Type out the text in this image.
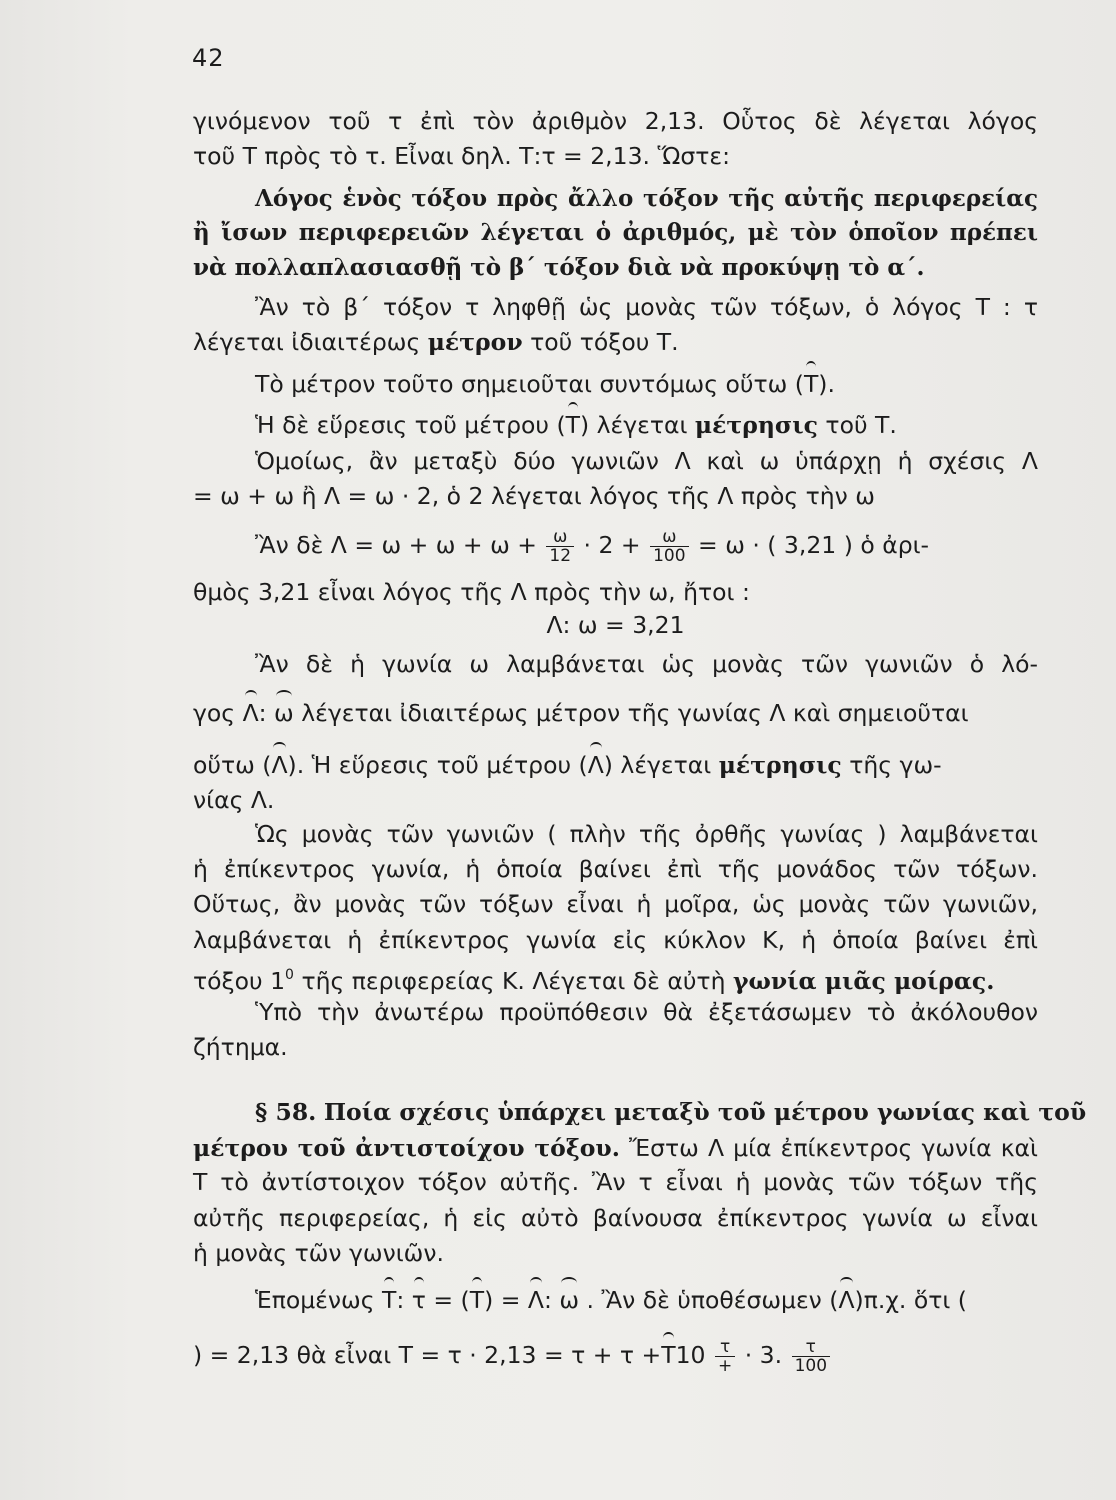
42
γινόμενον τοῦ τ ἐπὶ τὸν ἀριθμὸν 2,13. Οὗτος δὲ λέγεται λόγος
τοῦ Τ πρὸς τὸ τ. Εἶναι δηλ. Τ:τ = 2,13. Ὥστε:
Λόγος ἑνὸς τόξου πρὸς ἄλλο τόξον τῆς αὐτῆς περιφερείας
ἢ ἴσων περιφερειῶν λέγεται ὁ ἀριθμός, μὲ τὸν ὁποῖον πρέπει
νὰ πολλαπλασιασθῇ τὸ β΄ τόξον διὰ νὰ προκύψῃ τὸ α΄.
Ἂν τὸ β΄ τόξον τ ληφθῇ ὡς μονὰς τῶν τόξων, ὁ λόγος Τ : τ
λέγεται ἰδιαιτέρως μέτρον τοῦ τόξου Τ.
Τὸ μέτρον τοῦτο σημειοῦται συντόμως οὕτω (Τ).
Ἡ δὲ εὕρεσις τοῦ μέτρου (Τ) λέγεται μέτρησις τοῦ Τ.
Ὁμοίως, ἂν μεταξὺ δύο γωνιῶν Λ καὶ ω ὑπάρχῃ ἡ σχέσις Λ
= ω + ω ἢ Λ = ω · 2, ὁ 2 λέγεται λόγος τῆς Λ πρὸς τὴν ω
Ἂν δὲ $\Lambda = \omega + \omega + \omega + \frac{\omega}{12} \cdot 2 + \frac{\omega}{100} = \omega$ · ( 3,21 ) ὁ ἀρι-
θμὸς 3,21 εἶναι λόγος τῆς Λ πρὸς τὴν ω, ἤτοι :
Λ: ω = 3,21
Ἂν δὲ ἡ γωνία ω λαμβάνεται ὡς μονὰς τῶν γωνιῶν ὁ λό-
γος Λ: ω λέγεται ἰδιαιτέρως μέτρον τῆς γωνίας Λ καὶ σημειοῦται
οὕτω (Λ). Ἡ εὕρεσις τοῦ μέτρου (Λ) λέγεται μέτρησις τῆς γω-
νίας Λ.
Ὡς μονὰς τῶν γωνιῶν ( πλὴν τῆς ὀρθῆς γωνίας ) λαμβάνεται
ἡ ἐπίκεντρος γωνία, ἡ ὁποία βαίνει ἐπὶ τῆς μονάδος τῶν τόξων.
Οὕτως, ἂν μονὰς τῶν τόξων εἶναι ἡ μοῖρα, ὡς μονὰς τῶν γωνιῶν,
λαμβάνεται ἡ ἐπίκεντρος γωνία εἰς κύκλον Κ, ἡ ὁποία βαίνει ἐπὶ
τόξου $1^0$ τῆς περιφερείας Κ. Λέγεται δὲ αὐτὴ γωνία μιᾶς μοίρας.
Ὑπὸ τὴν ἀνωτέρω προϋπόθεσιν θὰ ἐξετάσωμεν τὸ ἀκόλουθον
ζήτημα.
§ 58. Ποία σχέσις ὑπάρχει μεταξὺ τοῦ μέτρου γωνίας καὶ τοῦ
μέτρου τοῦ ἀντιστοίχου τόξου. Ἔστω Λ μία ἐπίκεντρος γωνία καὶ
Τ τὸ ἀντίστοιχον τόξον αὐτῆς. Ἂν τ εἶναι ἡ μονὰς τῶν τόξων τῆς
αὐτῆς περιφερείας, ἡ εἰς αὐτὸ βαίνουσα ἐπίκεντρος γωνία ω εἶναι
ἡ μονὰς τῶν γωνιῶν.
Ἑπομένως Τ: τ = (Τ) = Λ: ω . Ἂν δὲ ὑποθέσωμεν (Λ)π.χ. ὅτι (
) = 2,13 θὰ εἶναι $T = \tau \cdot 2,13 = \tau + \tau +T10 \frac{\tau}{+} \cdot 3$. $\frac{\tau}{100}$
